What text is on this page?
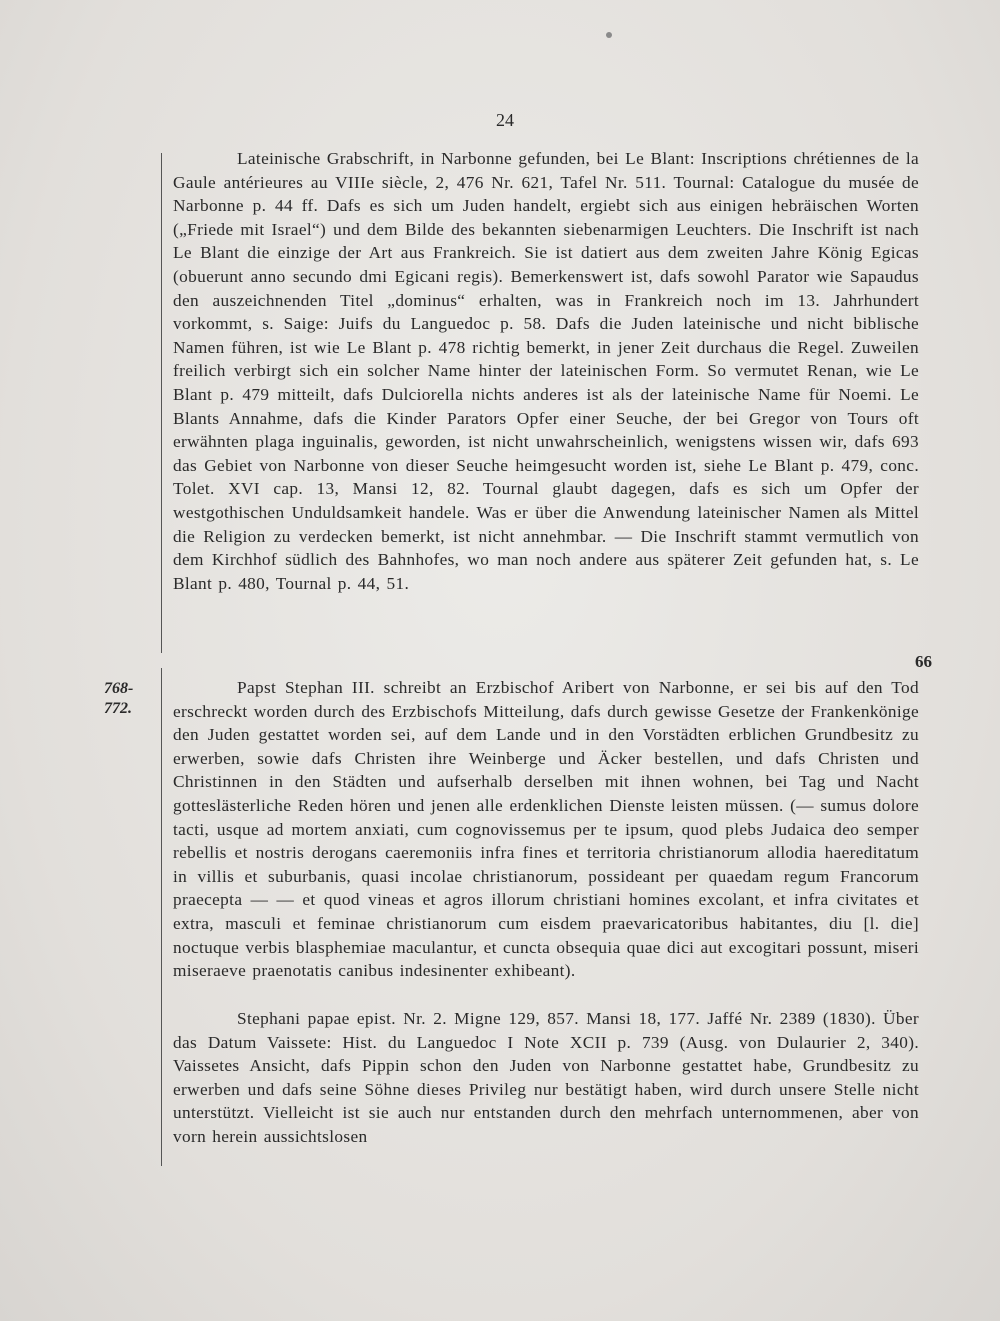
24

Lateinische Grabschrift, in Narbonne gefunden, bei Le Blant: Inscriptions chrétiennes de la Gaule antérieures au VIIIe siècle, 2, 476 Nr. 621, Tafel Nr. 511. Tournal: Catalogue du musée de Narbonne p. 44 ff. Dafs es sich um Juden handelt, ergiebt sich aus einigen hebräischen Worten („Friede mit Israel“) und dem Bilde des bekannten siebenarmigen Leuchters. Die Inschrift ist nach Le Blant die einzige der Art aus Frankreich. Sie ist datiert aus dem zweiten Jahre König Egicas (obuerunt anno secundo dmi Egicani regis). Bemerkenswert ist, dafs sowohl Parator wie Sapaudus den auszeichnenden Titel „dominus“ erhalten, was in Frankreich noch im 13. Jahrhundert vorkommt, s. Saige: Juifs du Languedoc p. 58. Dafs die Juden lateinische und nicht biblische Namen führen, ist wie Le Blant p. 478 richtig bemerkt, in jener Zeit durchaus die Regel. Zuweilen freilich verbirgt sich ein solcher Name hinter der lateinischen Form. So vermutet Renan, wie Le Blant p. 479 mitteilt, dafs Dulciorella nichts anderes ist als der lateinische Name für Noemi. Le Blants Annahme, dafs die Kinder Parators Opfer einer Seuche, der bei Gregor von Tours oft erwähnten plaga inguinalis, geworden, ist nicht unwahrscheinlich, wenigstens wissen wir, dafs 693 das Gebiet von Narbonne von dieser Seuche heimgesucht worden ist, siehe Le Blant p. 479, conc. Tolet. XVI cap. 13, Mansi 12, 82. Tournal glaubt dagegen, dafs es sich um Opfer der westgothischen Unduldsamkeit handele. Was er über die Anwendung lateinischer Namen als Mittel die Religion zu verdecken bemerkt, ist nicht annehmbar. — Die Inschrift stammt vermutlich von dem Kirchhof südlich des Bahnhofes, wo man noch andere aus späterer Zeit gefunden hat, s. Le Blant p. 480, Tournal p. 44, 51.

66
768-
772.

Papst Stephan III. schreibt an Erzbischof Aribert von Narbonne, er sei bis auf den Tod erschreckt worden durch des Erzbischofs Mitteilung, dafs durch gewisse Gesetze der Frankenkönige den Juden gestattet worden sei, auf dem Lande und in den Vorstädten erblichen Grundbesitz zu erwerben, sowie dafs Christen ihre Weinberge und Äcker bestellen, und dafs Christen und Christinnen in den Städten und aufserhalb derselben mit ihnen wohnen, bei Tag und Nacht gotteslästerliche Reden hören und jenen alle erdenklichen Dienste leisten müssen. (— sumus dolore tacti, usque ad mortem anxiati, cum cognovissemus per te ipsum, quod plebs Judaica deo semper rebellis et nostris derogans caeremoniis infra fines et territoria christianorum allodia haereditatum in villis et suburbanis, quasi incolae christianorum, possideant per quaedam regum Francorum praecepta — — et quod vineas et agros illorum christiani homines excolant, et infra civitates et extra, masculi et feminae christianorum cum eisdem praevaricatoribus habitantes, diu [l. die] noctuque verbis blasphemiae maculantur, et cuncta obsequia quae dici aut excogitari possunt, miseri miseraeve praenotatis canibus indesinenter exhibeant).

Stephani papae epist. Nr. 2. Migne 129, 857. Mansi 18, 177. Jaffé Nr. 2389 (1830). Über das Datum Vaissete: Hist. du Languedoc I Note XCII p. 739 (Ausg. von Dulaurier 2, 340). Vaissetes Ansicht, dafs Pippin schon den Juden von Narbonne gestattet habe, Grundbesitz zu erwerben und dafs seine Söhne dieses Privileg nur bestätigt haben, wird durch unsere Stelle nicht unterstützt. Vielleicht ist sie auch nur entstanden durch den mehrfach unternommenen, aber von vorn herein aussichtslosen
